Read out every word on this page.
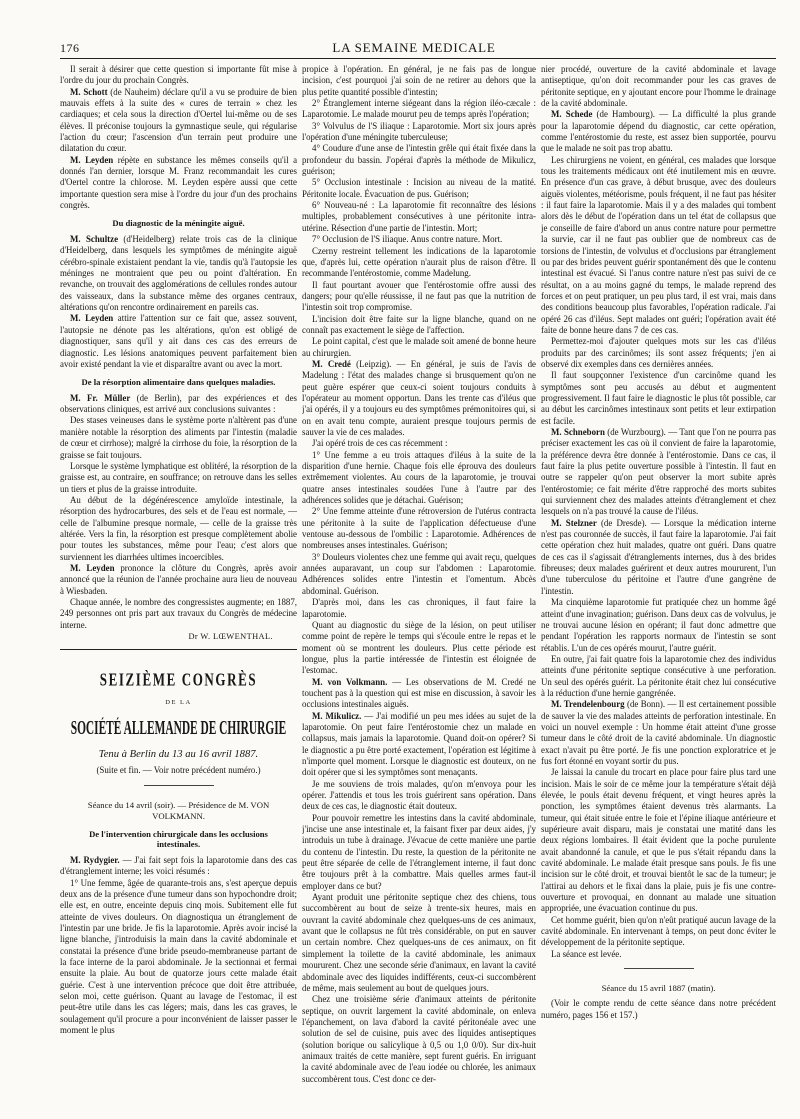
176	LA SEMAINE MEDICALE
Il serait à désirer que cette question si importante fût mise à l'ordre du jour du prochain Congrès.
M. Schott (de Nauheim) déclare qu'il a vu se produire de bien mauvais effets à la suite des « cures de terrain » chez les cardiaques; et cela sous la direction d'Oertel lui-même ou de ses élèves. Il préconise toujours la gymnastique seule, qui régularise l'action du cœur; l'ascension d'un terrain peut produire une dilatation du cœur.
M. Leyden répète en substance les mêmes conseils qu'il a donnés l'an dernier, lorsque M. Franz recommandait les cures d'Oertel contre la chlorose. M. Leyden espère aussi que cette importante question sera mise à l'ordre du jour d'un des prochains congrès.
Du diagnostic de la méningite aiguë.
M. Schultze (d'Heidelberg) relate trois cas de la clinique d'Heidelberg, dans lesquels les symptômes de méningite aiguë cérébro-spinale existaient pendant la vie, tandis qu'à l'autopsie les méninges ne montraient que peu ou point d'altération. En revanche, on trouvait des agglomérations de cellules rondes autour des vaisseaux, dans la substance même des organes centraux, altérations qu'on rencontre ordinairement en pareils cas.
M. Leyden attire l'attention sur ce fait que, assez souvent, l'autopsie ne dénote pas les altérations, qu'on est obligé de diagnostiquer, sans qu'il y ait dans ces cas des erreurs de diagnostic. Les lésions anatomiques peuvent parfaitement bien avoir existé pendant la vie et disparaître avant ou avec la mort.
De la résorption alimentaire dans quelques maladies.
M. Fr. Müller (de Berlin), par des expériences et des observations cliniques, est arrivé aux conclusions suivantes :
Des stases veineuses dans le système porte n'altèrent pas d'une manière notable la résorption des aliments par l'intestin (maladie de cœur et cirrhose); malgré la cirrhose du foie, la résorption de la graisse se fait toujours.
Lorsque le système lymphatique est oblitéré, la résorption de la graisse est, au contraire, en souffrance; on retrouve dans les selles un tiers et plus de la graisse introduite.
Au début de la dégénérescence amyloïde intestinale, la résorption des hydrocarbures, des sels et de l'eau est normale, — celle de l'albumine presque normale, — celle de la graisse très altérée. Vers la fin, la résorption est presque complètement abolie pour toutes les substances, même pour l'eau; c'est alors que surviennent les diarrhées ultimes incoercibles.
M. Leyden prononce la clôture du Congrès, après avoir annoncé que la réunion de l'année prochaine aura lieu de nouveau à Wiesbaden.
Chaque année, le nombre des congressistes augmente; en 1887, 249 personnes ont pris part aux travaux du Congrès de médecine interne.
Dr W. LŒWENTHAL.
SEIZIÈME CONGRÈS
DE LA
SOCIÉTÉ ALLEMANDE DE CHIRURGIE
Tenu à Berlin du 13 au 16 avril 1887.
(Suite et fin. — Voir notre précédent numéro.)
Séance du 14 avril (soir). — Présidence de M. VON VOLKMANN.
De l'intervention chirurgicale dans les occlusions intestinales.
M. Rydygier. — J'ai fait sept fois la laparotomie dans des cas d'étranglement interne; les voici résumés :
1° Une femme, âgée de quarante-trois ans, s'est aperçue depuis deux ans de la présence d'une tumeur dans son hypochondre droit; elle est, en outre, enceinte depuis cinq mois. Subitement elle fut atteinte de vives douleurs. On diagnostiqua un étranglement de l'intestin par une bride. Je fis la laparotomie. Après avoir incisé la ligne blanche, j'introduisis la main dans la cavité abdominale et constatai la présence d'une bride pseudo-membraneuse partant de la face interne de la paroi abdominale. Je la sectionnai et fermai ensuite la plaie. Au bout de quatorze jours cette malade était guérie. C'est à une intervention précoce que doit être attribuée, selon moi, cette guérison. Quant au lavage de l'estomac, il est peut-être utile dans les cas légers; mais, dans les cas graves, le soulagement qu'il procure a pour inconvénient de laisser passer le moment le plus
propice à l'opération. En général, je ne fais pas de longue incision, c'est pourquoi j'ai soin de ne retirer au dehors que la plus petite quantité possible d'intestin;
2° Étranglement interne siégeant dans la région iléo-cæcale : Laparotomie. Le malade mourut peu de temps après l'opération;
3° Volvulus de l'S iliaque : Laparotomie. Mort six jours après l'opération d'une méningite tuberculeuse;
4° Coudure d'une anse de l'intestin grêle qui était fixée dans la profondeur du bassin. J'opérai d'après la méthode de Mikulicz, guérison;
5° Occlusion intestinale : Incision au niveau de la matité. Péritonite locale. Évacuation de pus. Guérison;
6° Nouveau-né : La laparotomie fit reconnaître des lésions multiples, probablement consécutives à une péritonite intra-utérine. Résection d'une partie de l'intestin. Mort;
7° Occlusion de l'S iliaque. Anus contre nature. Mort.
Czerny restreint tellement les indications de la laparotomie que, d'après lui, cette opération n'aurait plus de raison d'être. Il recommande l'entérostomie, comme Madelung.
Il faut pourtant avouer que l'entérostomie offre aussi des dangers; pour qu'elle réussisse, il ne faut pas que la nutrition de l'intestin soit trop compromise.
L'incision doit être faite sur la ligne blanche, quand on ne connaît pas exactement le siège de l'affection.
Le point capital, c'est que le malade soit amené de bonne heure au chirurgien.
M. Credé (Leipzig). — En général, je suis de l'avis de Madelung : l'état des malades change si brusquement qu'on ne peut guère espérer que ceux-ci soient toujours conduits à l'opérateur au moment opportun. Dans les trente cas d'iléus que j'ai opérés, il y a toujours eu des symptômes prémonitoires qui, si on en avait tenu compte, auraient presque toujours permis de sauver la vie de ces malades.
J'ai opéré trois de ces cas récemment :
1° Une femme a eu trois attaques d'iléus à la suite de la disparition d'une hernie. Chaque fois elle éprouva des douleurs extrêmement violentes. Au cours de la laparotomie, je trouvai quatre anses intestinales soudées l'une à l'autre par des adhérences solides que je détachai. Guérison;
2° Une femme atteinte d'une rétroversion de l'utérus contracta une péritonite à la suite de l'application défectueuse d'une ventouse au-dessous de l'ombilic : Laparotomie. Adhérences de nombreuses anses intestinales. Guérison;
3° Douleurs violentes chez une femme qui avait reçu, quelques années auparavant, un coup sur l'abdomen : Laparotomie. Adhérences solides entre l'intestin et l'omentum. Abcès abdominal. Guérison.
D'après moi, dans les cas chroniques, il faut faire la laparotomie.
Quant au diagnostic du siège de la lésion, on peut utiliser comme point de repère le temps qui s'écoule entre le repas et le moment où se montrent les douleurs. Plus cette période est longue, plus la partie intéressée de l'intestin est éloignée de l'estomac.
M. von Volkmann. — Les observations de M. Credé ne touchent pas à la question qui est mise en discussion, à savoir les occlusions intestinales aiguës.
M. Mikulicz. — J'ai modifié un peu mes idées au sujet de la laparotomie. On peut faire l'entérostomie chez un malade en collapsus, mais jamais la laparotomie. Quand doit-on opérer? Si le diagnostic a pu être porté exactement, l'opération est légitime à n'importe quel moment. Lorsque le diagnostic est douteux, on ne doit opérer que si les symptômes sont menaçants.
Je me souviens de trois malades, qu'on m'envoya pour les opérer. J'attendis et tous les trois guérirent sans opération. Dans deux de ces cas, le diagnostic était douteux.
Pour pouvoir remettre les intestins dans la cavité abdominale, j'incise une anse intestinale et, la faisant fixer par deux aides, j'y introduis un tube à drainage. J'évacue de cette manière une partie du contenu de l'intestin. Du reste, la question de la péritonite ne peut être séparée de celle de l'étranglement interne, il faut donc être toujours prêt à la combattre. Mais quelles armes faut-il employer dans ce but?
Ayant produit une péritonite septique chez des chiens, tous succombèrent au bout de seize à trente-six heures, mais en ouvrant la cavité abdominale chez quelques-uns de ces animaux, avant que le collapsus ne fût très considérable, on put en sauver un certain nombre. Chez quelques-uns de ces animaux, on fit simplement la toilette de la cavité abdominale, les animaux moururent. Chez une seconde série d'animaux, en lavant la cavité abdominale avec des liquides indifférents, ceux-ci succombèrent de même, mais seulement au bout de quelques jours.
Chez une troisième série d'animaux atteints de péritonite septique, on ouvrit largement la cavité abdominale, on enleva l'épanchement, on lava d'abord la cavité péritonéale avec une solution de sel de cuisine, puis avec des liquides antiseptiques (solution borique ou salicylique à 0,5 ou 1,0 0/0). Sur dix-huit animaux traités de cette manière, sept furent guéris. En irriguant la cavité abdominale avec de l'eau iodée ou chlorée, les animaux succombèrent tous. C'est donc ce der-
nier procédé, ouverture de la cavité abdominale et lavage antiseptique, qu'on doit recommander pour les cas graves de péritonite septique, en y ajoutant encore pour l'homme le drainage de la cavité abdominale.
M. Schede (de Hambourg). — La difficulté la plus grande pour la laparotomie dépend du diagnostic, car cette opération, comme l'entérostomie du reste, est assez bien supportée, pourvu que le malade ne soit pas trop abattu.
Les chirurgiens ne voient, en général, ces malades que lorsque tous les traitements médicaux ont été inutilement mis en œuvre. En présence d'un cas grave, à début brusque, avec des douleurs aiguës violentes, météorisme, pouls fréquent, il ne faut pas hésiter : il faut faire la laparotomie. Mais il y a des malades qui tombent alors dès le début de l'opération dans un tel état de collapsus que je conseille de faire d'abord un anus contre nature pour permettre la survie, car il ne faut pas oublier que de nombreux cas de torsions de l'intestin, de volvulus et d'occlusions par étranglement ou par des brides peuvent guérir spontanément dès que le contenu intestinal est évacué. Si l'anus contre nature n'est pas suivi de ce résultat, on a au moins gagné du temps, le malade reprend des forces et on peut pratiquer, un peu plus tard, il est vrai, mais dans des conditions beaucoup plus favorables, l'opération radicale. J'ai opéré 26 cas d'iléus. Sept malades ont guéri; l'opération avait été faite de bonne heure dans 7 de ces cas.
Permettez-moi d'ajouter quelques mots sur les cas d'iléus produits par des carcinômes; ils sont assez fréquents; j'en ai observé dix exemples dans ces dernières années.
Il faut soupçonner l'existence d'un carcinôme quand les symptômes sont peu accusés au début et augmentent progressivement. Il faut faire le diagnostic le plus tôt possible, car au début les carcinômes intestinaux sont petits et leur extirpation est facile.
M. Schneborn (de Wurzbourg). — Tant que l'on ne pourra pas préciser exactement les cas où il convient de faire la laparotomie, la préférence devra être donnée à l'entérostomie. Dans ce cas, il faut faire la plus petite ouverture possible à l'intestin. Il faut en outre se rappeler qu'on peut observer la mort subite après l'entérostomie; ce fait mérite d'être rapproché des morts subites qui surviennent chez des malades atteints d'étranglement et chez lesquels on n'a pas trouvé la cause de l'iléus.
M. Stelzner (de Dresde). — Lorsque la médication interne n'est pas couronnée de succès, il faut faire la laparotomie. J'ai fait cette opération chez huit malades, quatre ont guéri. Dans quatre de ces cas il s'agissait d'étranglements internes, dus à des brides fibreuses; deux malades guérirent et deux autres moururent, l'un d'une tuberculose du péritoine et l'autre d'une gangrène de l'intestin.
Ma cinquième laparotomie fut pratiquée chez un homme âgé atteint d'une invagination; guérison. Dans deux cas de volvulus, je ne trouvai aucune lésion en opérant; il faut donc admettre que pendant l'opération les rapports normaux de l'intestin se sont rétablis. L'un de ces opérés mourut, l'autre guérit.
En outre, j'ai fait quatre fois la laparotomie chez des individus atteints d'une péritonite septique consécutive à une perforation. Un seul des opérés guérit. La péritonite était chez lui consécutive à la réduction d'une hernie gangrénée.
M. Trendelenbourg (de Bonn). — Il est certainement possible de sauver la vie des malades atteints de perforation intestinale. En voici un nouvel exemple : Un homme était atteint d'une grosse tumeur dans le côté droit de la cavité abdominale. Un diagnostic exact n'avait pu être porté. Je fis une ponction exploratrice et je fus fort étonné en voyant sortir du pus.
Je laissai la canule du trocart en place pour faire plus tard une incision. Mais le soir de ce même jour la température s'était déjà élevée, le pouls était devenu fréquent, et vingt heures après la ponction, les symptômes étaient devenus très alarmants. La tumeur, qui était située entre le foie et l'épine iliaque antérieure et supérieure avait disparu, mais je constatai une matité dans les deux régions lombaires. Il était évident que la poche purulente avait abandonné la canule, et que le pus s'était répandu dans la cavité abdominale. Le malade était presque sans pouls. Je fis une incision sur le côté droit, et trouvai bientôt le sac de la tumeur; je l'attirai au dehors et le fixai dans la plaie, puis je fis une contre-ouverture et provoquai, en donnant au malade une situation appropriée, une évacuation continue du pus.
Cet homme guérit, bien qu'on n'eût pratiqué aucun lavage de la cavité abdominale. En intervenant à temps, on peut donc éviter le développement de la péritonite septique.
La séance est levée.
Séance du 15 avril 1887 (matin).
(Voir le compte rendu de cette séance dans notre précédent numéro, pages 156 et 157.)
